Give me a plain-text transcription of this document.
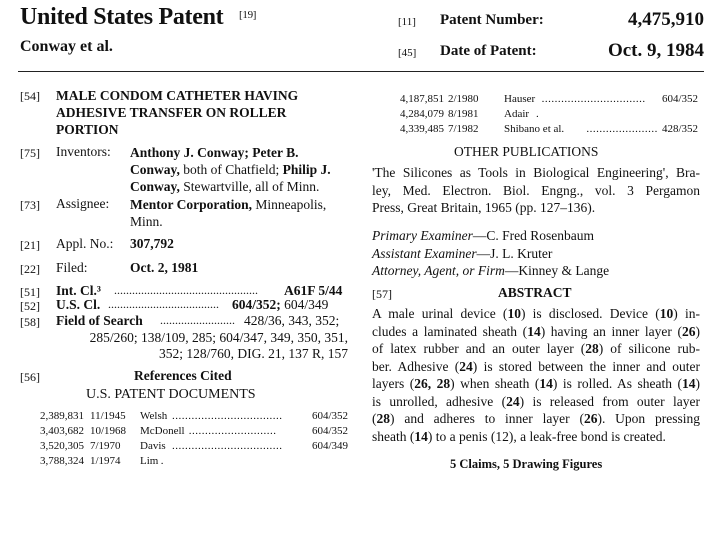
United States Patent [19]
Conway et al.
[11] Patent Number:	4,475,910
[45] Date of Patent:	Oct. 9, 1984
[54] MALE CONDOM CATHETER HAVING
ADHESIVE TRANSFER ON ROLLER
PORTION
[75] Inventors: Anthony J. Conway; Peter B.
Conway, both of Chatfield; Philip J.
Conway, Stewartville, all of Minn.
[73] Assignee: Mentor Corporation, Minneapolis,
Minn.
[21] Appl. No.: 307,792
[22] Filed:	Oct. 2, 1981
[51] Int. Cl.³ ................................................	A61F 5/44
[52] U.S. Cl. ..................................... 604/352; 604/349
[58] Field of Search ......................... 428/36, 343, 352;
285/260; 138/109, 285; 604/347, 349, 350, 351,
352; 128/760, DIG. 21, 137 R, 157
[56]	References Cited
U.S. PATENT DOCUMENTS
2,389,831 11/1945 Welsh	604/352
..................................
3,403,682 10/1968 McDonell	604/352
...........................
3,520,305 7/1970 Davis	604/349
..................................
3,788,324 1/1974 Lim .
4,187,851 2/1980 Hauser	604/352
................................
4,284,079 8/1981 Adair .
4,339,485 7/1982 Shibano et al.	428/352
......................
OTHER PUBLICATIONS
'The Silicones as Tools in Biological Engineering', Bra-
ley, Med. Electron. Biol. Engng., vol. 3 Pergamon
Press, Great Britain, 1965 (pp. 127–136).
Primary Examiner—C. Fred Rosenbaum
Assistant Examiner—J. L. Kruter
Attorney, Agent, or Firm—Kinney & Lange
[57]	ABSTRACT
A male urinal device (10) is disclosed. Device (10) in-
cludes a laminated sheath (14) having an inner layer (26)
of latex rubber and an outer layer (28) of silicone rub-
ber. Adhesive (24) is stored between the inner and outer
layers (26, 28) when sheath (14) is rolled. As sheath (14)
is unrolled, adhesive (24) is released from outer layer
(28) and adheres to inner layer (26). Upon pressing
sheath (14) to a penis (12), a leak-free bond is created.
5 Claims, 5 Drawing Figures
